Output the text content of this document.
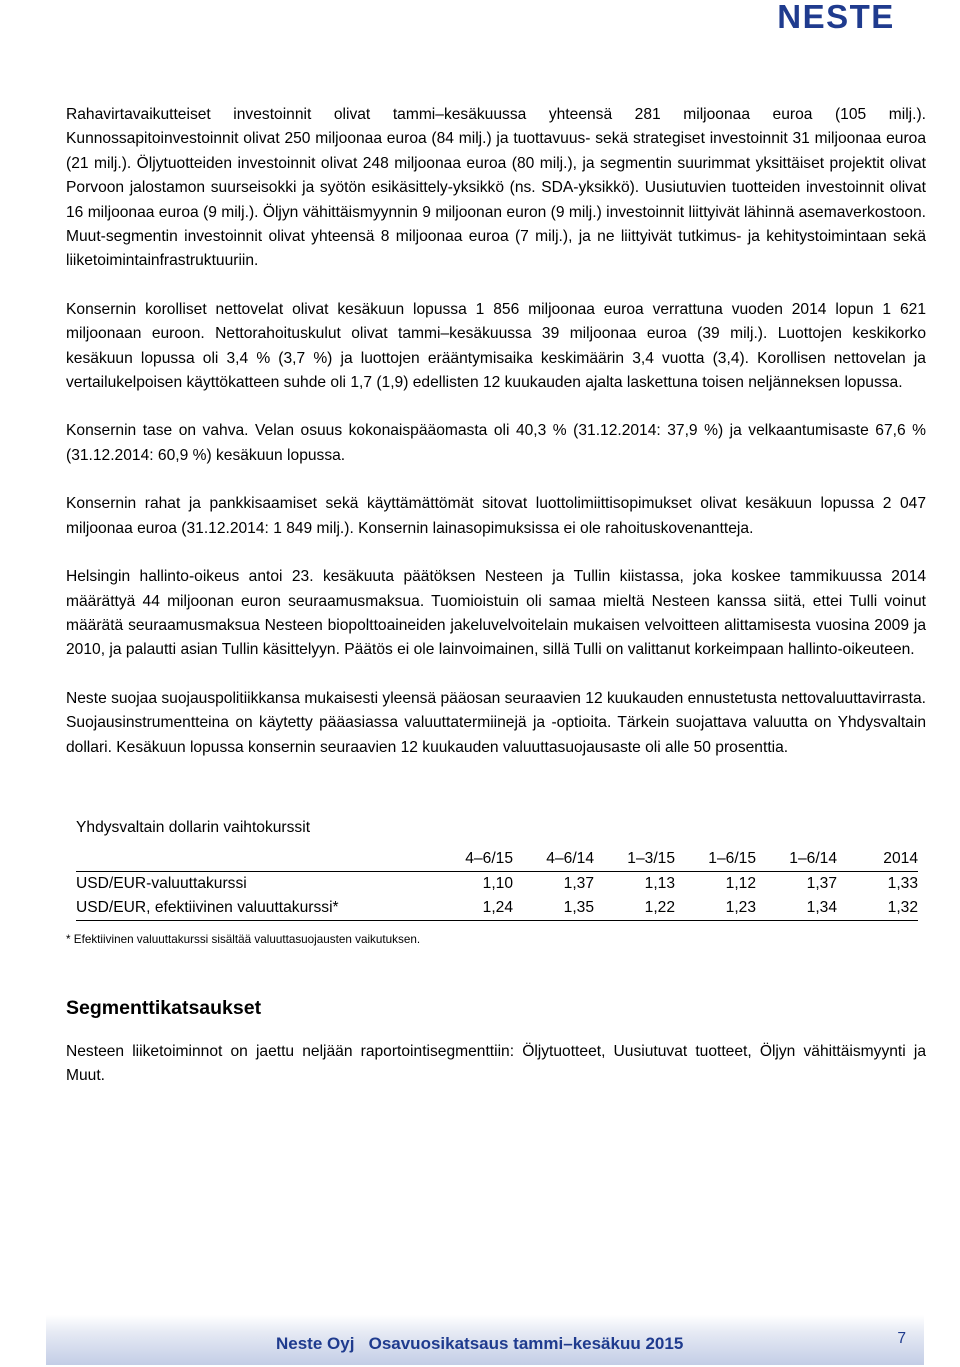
NESTE

Rahavirtavaikutteiset investoinnit olivat tammi–kesäkuussa yhteensä 281 miljoonaa euroa (105 milj.). Kunnossapitoinvestoinnit olivat 250 miljoonaa euroa (84 milj.) ja tuottavuus- sekä strategiset investoinnit 31 miljoonaa euroa (21 milj.). Öljytuotteiden investoinnit olivat 248 miljoonaa euroa (80 milj.), ja segmentin suurimmat yksittäiset projektit olivat Porvoon jalostamon suurseisokki ja syötön esikäsittely-yksikkö (ns. SDA-yksikkö). Uusiutuvien tuotteiden investoinnit olivat 16 miljoonaa euroa (9 milj.). Öljyn vähittäismyynnin 9 miljoonan euron (9 milj.) investoinnit liittyivät lähinnä asemaverkostoon. Muut-segmentin investoinnit olivat yhteensä 8 miljoonaa euroa (7 milj.), ja ne liittyivät tutkimus- ja kehitystoimintaan sekä liiketoimintainfrastruktuuriin.

Konsernin korolliset nettovelat olivat kesäkuun lopussa 1 856 miljoonaa euroa verrattuna vuoden 2014 lopun 1 621 miljoonaan euroon. Nettorahoituskulut olivat tammi–kesäkuussa 39 miljoonaa euroa (39 milj.). Luottojen keskikorko kesäkuun lopussa oli 3,4 % (3,7 %) ja luottojen erääntymisaika keskimäärin 3,4 vuotta (3,4). Korollisen nettovelan ja vertailukelpoisen käyttökatteen suhde oli 1,7 (1,9) edellisten 12 kuukauden ajalta laskettuna toisen neljänneksen lopussa.

Konsernin tase on vahva. Velan osuus kokonaispääomasta oli 40,3 % (31.12.2014: 37,9 %) ja velkaantumisaste 67,6 % (31.12.2014: 60,9 %) kesäkuun lopussa.

Konsernin rahat ja pankkisaamiset sekä käyttämättömät sitovat luottolimiittisopimukset olivat kesäkuun lopussa 2 047 miljoonaa euroa (31.12.2014: 1 849 milj.). Konsernin lainasopimuksissa ei ole rahoituskovenantteja.

Helsingin hallinto-oikeus antoi 23. kesäkuuta päätöksen Nesteen ja Tullin kiistassa, joka koskee tammikuussa 2014 määrättyä 44 miljoonan euron seuraamusmaksua. Tuomioistuin oli samaa mieltä Nesteen kanssa siitä, ettei Tulli voinut määrätä seuraamusmaksua Nesteen biopolttoaineiden jakeluvelvoitelain mukaisen velvoitteen alittamisesta vuosina 2009 ja 2010, ja palautti asian Tullin käsittelyyn. Päätös ei ole lainvoimainen, sillä Tulli on valittanut korkeimpaan hallinto-oikeuteen.

Neste suojaa suojauspolitiikkansa mukaisesti yleensä pääosan seuraavien 12 kuukauden ennustetusta nettovaluuttavirrasta. Suojausinstrumentteina on käytetty pääasiassa valuuttatermiinejä ja -optioita. Tärkein suojattava valuutta on Yhdysvaltain dollari. Kesäkuun lopussa konsernin seuraavien 12 kuukauden valuuttasuojausaste oli alle 50 prosenttia.

Yhdysvaltain dollarin vaihtokurssit
	4–6/15	4–6/14	1–3/15	1–6/15	1–6/14	2014
USD/EUR-valuuttakurssi	1,10	1,37	1,13	1,12	1,37	1,33
USD/EUR, efektiivinen valuuttakurssi*	1,24	1,35	1,22	1,23	1,34	1,32

* Efektiivinen valuuttakurssi sisältää valuuttasuojausten vaikutuksen.

Segmenttikatsaukset

Nesteen liiketoiminnot on jaettu neljään raportointisegmenttiin: Öljytuotteet, Uusiutuvat tuotteet, Öljyn vähittäismyynti ja Muut.

Neste Oyj   Osavuosikatsaus tammi–kesäkuu 2015	7
